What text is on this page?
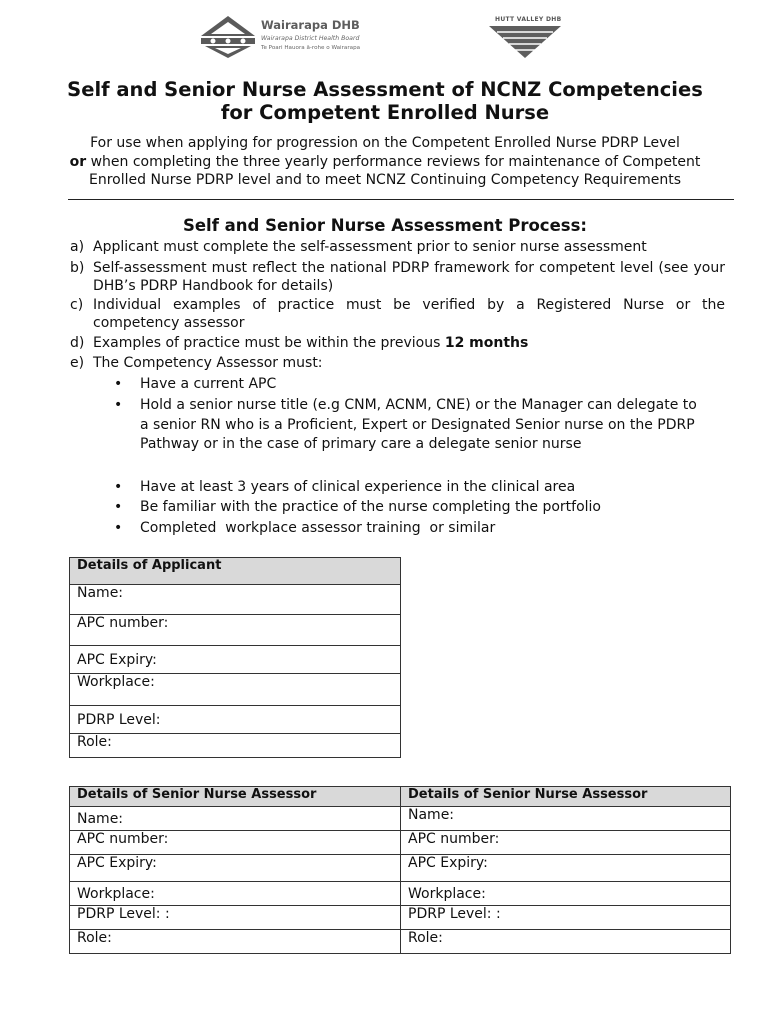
Wairarapa DHB
Wairarapa District Health Board
Te Poari Hauora ā-rohe o Wairarapa
HUTT VALLEY DHB
Self and Senior Nurse Assessment of NCNZ Competencies
for Competent Enrolled Nurse
For use when applying for progression on the Competent Enrolled Nurse PDRP Level
or when completing the three yearly performance reviews for maintenance of Competent Enrolled Nurse PDRP level and to meet NCNZ Continuing Competency Requirements
Self and Senior Nurse Assessment Process:
a) Applicant must complete the self-assessment prior to senior nurse assessment
b) Self-assessment must reflect the national PDRP framework for competent level (see your DHB’s PDRP Handbook for details)
c) Individual examples of practice must be verified by a Registered Nurse or the competency assessor
d) Examples of practice must be within the previous 12 months
e) The Competency Assessor must:
•	Have a current APC
•	Hold a senior nurse title (e.g CNM, ACNM, CNE) or the Manager can delegate to a senior RN who is a Proficient, Expert or Designated Senior nurse on the PDRP Pathway or in the case of primary care a delegate senior nurse
•	Have at least 3 years of clinical experience in the clinical area
•	Be familiar with the practice of the nurse completing the portfolio
•	Completed  workplace assessor training  or similar
Details of Applicant
Name:
APC number:
APC Expiry:
Workplace:
PDRP Level:
Role:
Details of Senior Nurse Assessor	Details of Senior Nurse Assessor
Name:	Name:
APC number:	APC number:
APC Expiry:	APC Expiry:
Workplace:	Workplace:
PDRP Level: :	PDRP Level: :
Role:	Role:
